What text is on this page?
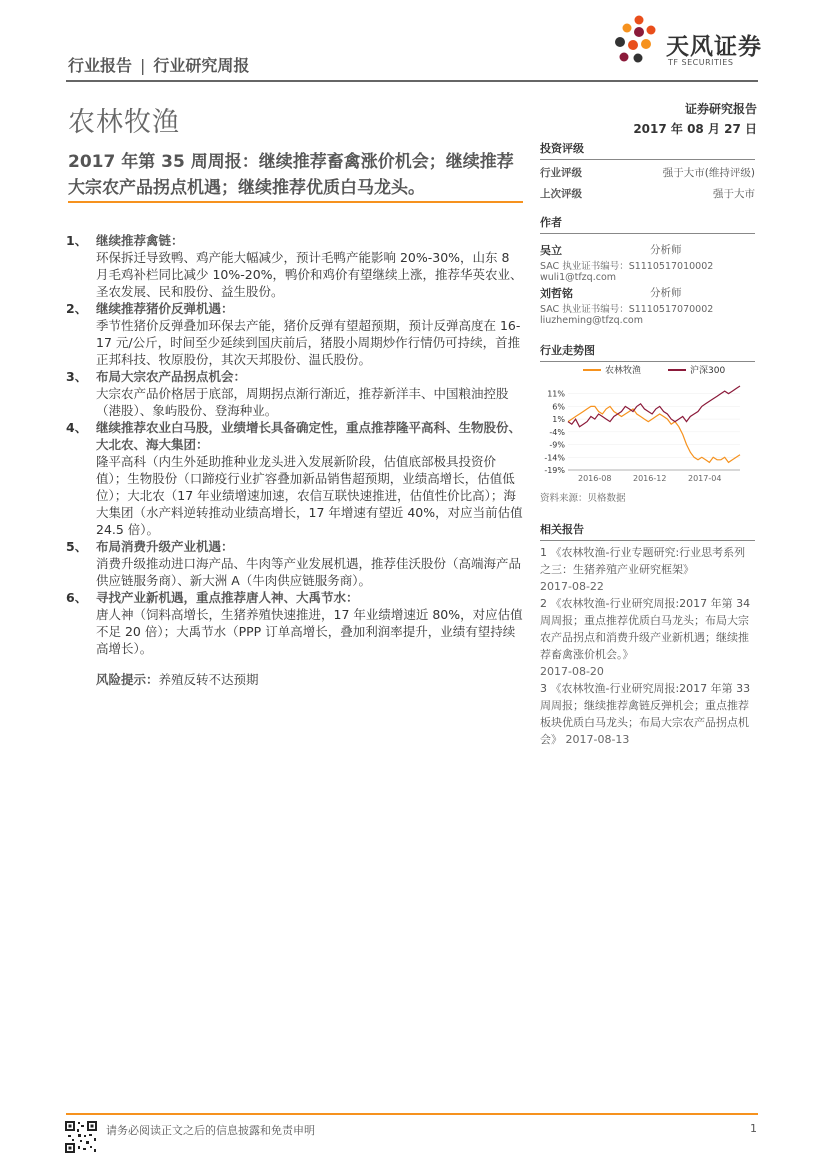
天风证券
TF SECURITIES
行业报告 | 行业研究周报
农林牧渔	证券研究报告
2017 年 08 月 27 日
2017 年第 35 周周报：继续推荐畜禽涨价机会；继续推荐大宗农产品拐点机遇；继续推荐优质白马龙头。
1、 继续推荐禽链：
环保拆迁导致鸭、鸡产能大幅减少，预计毛鸭产能影响 20%-30%，山东 8 月毛鸡补栏同比减少 10%-20%，鸭价和鸡价有望继续上涨，推荐华英农业、圣农发展、民和股份、益生股份。
2、 继续推荐猪价反弹机遇：
季节性猪价反弹叠加环保去产能，猪价反弹有望超预期，预计反弹高度在 16-17 元/公斤，时间至少延续到国庆前后，猪股小周期炒作行情仍可持续，首推正邦科技、牧原股份，其次天邦股份、温氏股份。
3、 布局大宗农产品拐点机会：
大宗农产品价格居于底部，周期拐点渐行渐近，推荐新洋丰、中国粮油控股（港股）、象屿股份、登海种业。
4、 继续推荐农业白马股，业绩增长具备确定性，重点推荐隆平高科、生物股份、大北农、海大集团：
隆平高科（内生外延助推种业龙头进入发展新阶段，估值底部极具投资价值）；生物股份（口蹄疫行业扩容叠加新品销售超预期，业绩高增长，估值低位）；大北农（17 年业绩增速加速，农信互联快速推进，估值性价比高）；海大集团（水产料逆转推动业绩高增长，17 年增速有望近 40%，对应当前估值 24.5 倍）。
5、 布局消费升级产业机遇：
消费升级推动进口海产品、牛肉等产业发展机遇，推荐佳沃股份（高端海产品供应链服务商）、新大洲 A（牛肉供应链服务商）。
6、 寻找产业新机遇，重点推荐唐人神、大禹节水：
唐人神（饲料高增长，生猪养殖快速推进，17 年业绩增速近 80%，对应估值不足 20 倍）；大禹节水（PPP 订单高增长，叠加利润率提升，业绩有望持续高增长）。
风险提示：养殖反转不达预期
投资评级
行业评级	强于大市(维持评级)
上次评级	强于大市
作者
吴立	分析师
SAC 执业证书编号：S1110517010002
wuli1@tfzq.com
刘哲铭	分析师
SAC 执业证书编号：S1110517070002
liuzheming@tfzq.com
行业走势图
农林牧渔	沪深300
11%
6%
1%
-4%
-9%
-14%
-19%
2016-08	2016-12	2017-04
资料来源：贝格数据
相关报告
1 《农林牧渔-行业专题研究:行业思考系列之三：生猪养殖产业研究框架》
2017-08-22
2 《农林牧渔-行业研究周报:2017 年第 34 周周报；重点推荐优质白马龙头；布局大宗农产品拐点和消费升级产业新机遇；继续推荐畜禽涨价机会。》
2017-08-20
3 《农林牧渔-行业研究周报:2017 年第 33 周周报；继续推荐禽链反弹机会；重点推荐板块优质白马龙头；布局大宗农产品拐点机会》 2017-08-13
请务必阅读正文之后的信息披露和免责申明	1
